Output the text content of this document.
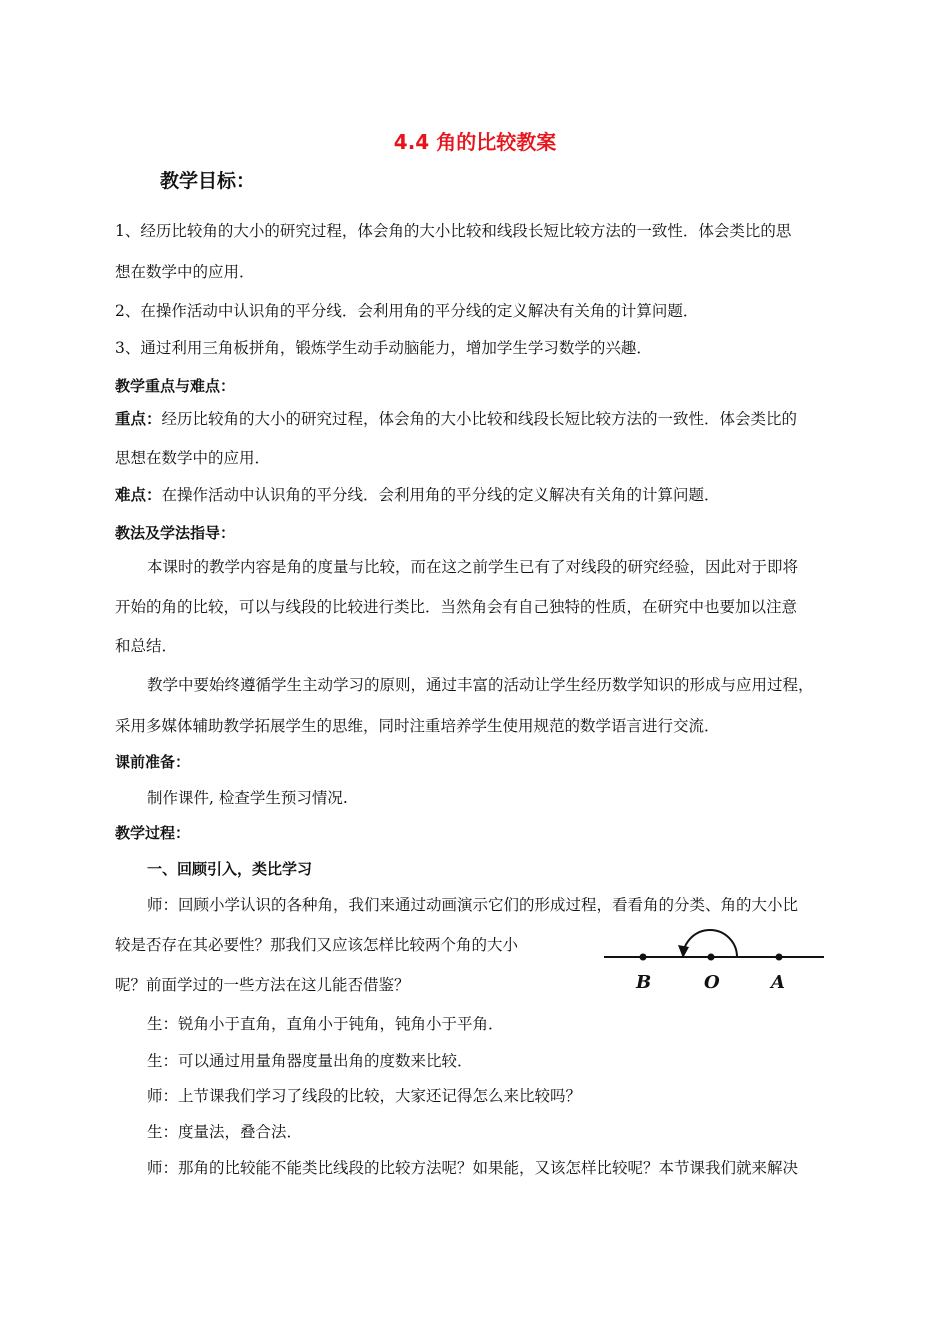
4.4 角的比较教案
教学目标：
1、经历比较角的大小的研究过程，体会角的大小比较和线段长短比较方法的一致性．体会类比的思
想在数学中的应用．
2、在操作活动中认识角的平分线．会利用角的平分线的定义解决有关角的计算问题．
3、通过利用三角板拼角，锻炼学生动手动脑能力，增加学生学习数学的兴趣．
教学重点与难点：
重点：经历比较角的大小的研究过程，体会角的大小比较和线段长短比较方法的一致性．体会类比的
思想在数学中的应用．
难点：在操作活动中认识角的平分线．会利用角的平分线的定义解决有关角的计算问题．
教法及学法指导：
本课时的教学内容是角的度量与比较，而在这之前学生已有了对线段的研究经验，因此对于即将
开始的角的比较，可以与线段的比较进行类比．当然角会有自己独特的性质，在研究中也要加以注意
和总结．
教学中要始终遵循学生主动学习的原则，通过丰富的活动让学生经历数学知识的形成与应用过程，
采用多媒体辅助教学拓展学生的思维，同时注重培养学生使用规范的数学语言进行交流．
课前准备：
制作课件, 检查学生预习情况.
教学过程：
一、回顾引入，类比学习
师：回顾小学认识的各种角，我们来通过动画演示它们的形成过程，看看角的分类、角的大小比
较是否存在其必要性？那我们又应该怎样比较两个角的大小
呢？前面学过的一些方法在这儿能否借鉴？
生：锐角小于直角，直角小于钝角，钝角小于平角．
生：可以通过用量角器度量出角的度数来比较．
师：上节课我们学习了线段的比较，大家还记得怎么来比较吗？
生：度量法，叠合法．
师：那角的比较能不能类比线段的比较方法呢？如果能，又该怎样比较呢？本节课我们就来解决
B	O	A
